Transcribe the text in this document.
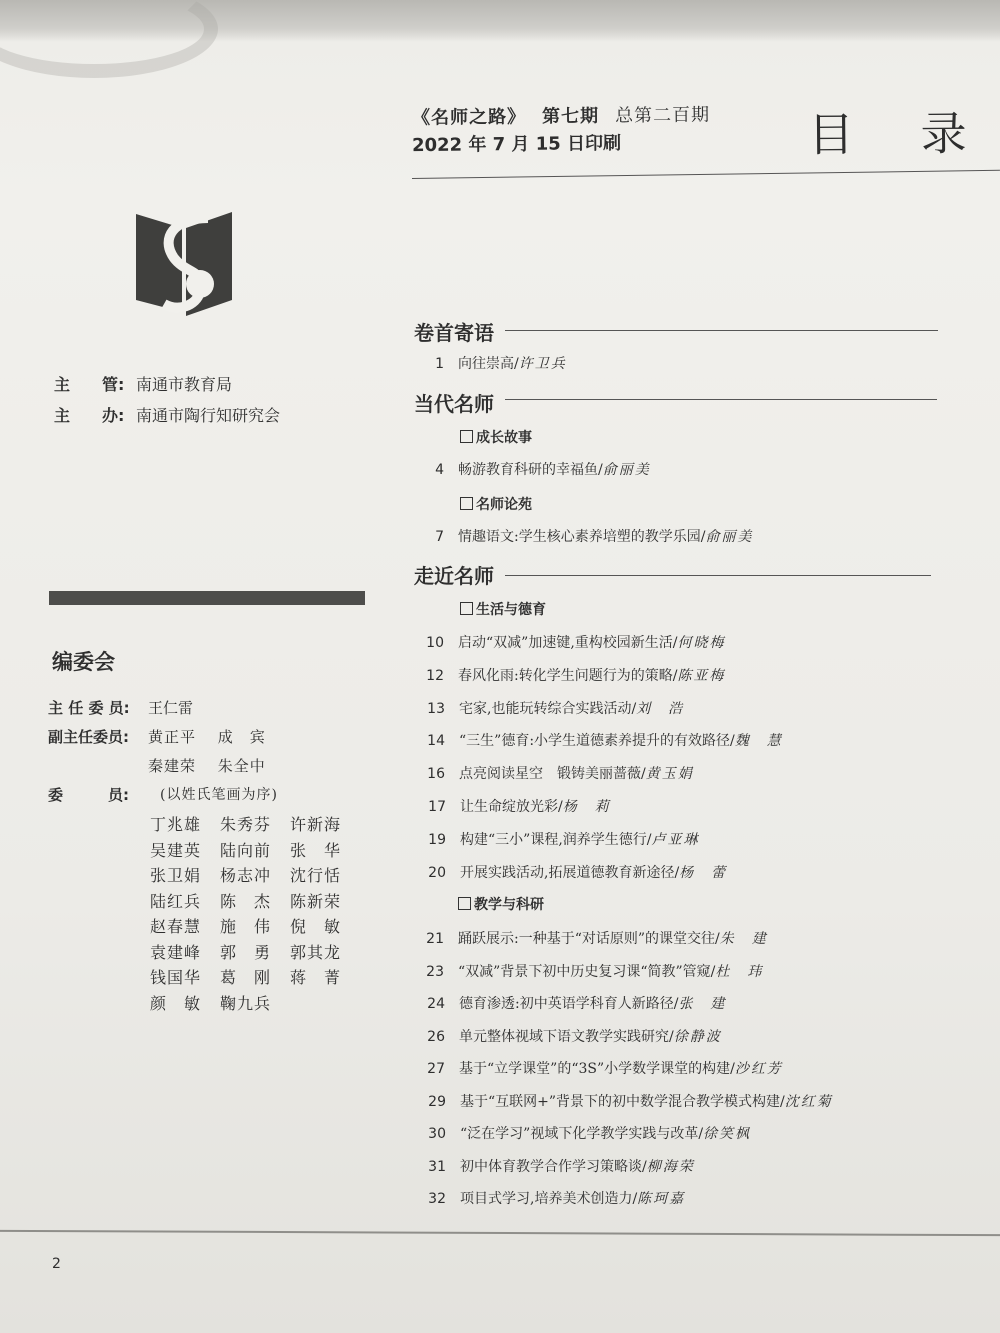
《名师之路》 第七期 总第二百期
2022 年 7 月 15 日印刷	目 录
主　　管: 南通市教育局
主　　办: 南通市陶行知研究会
编委会
主 任 委 员: 王仁雷
副主任委员: 黄正平　 成　宾
秦建荣　 朱全中
委　　　员: (以姓氏笔画为序)
丁兆雄 朱秀芬 许新海
吴建英 陆向前 张　华
张卫娟 杨志冲 沈行恬
陆红兵 陈　杰 陈新荣
赵春慧 施　伟 倪　敏
袁建峰 郭　勇 郭其龙
钱国华 葛　刚 蒋　菁
颜　敏 鞠九兵
卷首寄语
1 向往崇高/许卫兵
当代名师
成长故事
4 畅游教育科研的幸福鱼/俞丽美
名师论苑
7 情趣语文:学生核心素养培塑的教学乐园/俞丽美
走近名师
生活与德育
10 启动“双减”加速键,重构校园新生活/何晓梅
12 春风化雨:转化学生问题行为的策略/陈亚梅
13 宅家,也能玩转综合实践活动/刘　浩
14 “三生”德育:小学生道德素养提升的有效路径/魏　慧
16 点亮阅读星空　锻铸美丽蔷薇/黄玉娟
17 让生命绽放光彩/杨　莉
19 构建“三小”课程,润养学生德行/卢亚琳
20 开展实践活动,拓展道德教育新途径/杨　蕾
教学与科研
21 踊跃展示:一种基于“对话原则”的课堂交往/朱　建
23 “双减”背景下初中历史复习课“简教”管窥/杜　玮
24 德育渗透:初中英语学科育人新路径/张　建
26 单元整体视域下语文教学实践研究/徐静波
27 基于“立学课堂”的“3S”小学数学课堂的构建/沙红芳
29 基于“互联网+”背景下的初中数学混合教学模式构建/沈红菊
30 “泛在学习”视域下化学教学实践与改革/徐笑枫
31 初中体育教学合作学习策略谈/柳海荣
32 项目式学习,培养美术创造力/陈珂嘉
2
